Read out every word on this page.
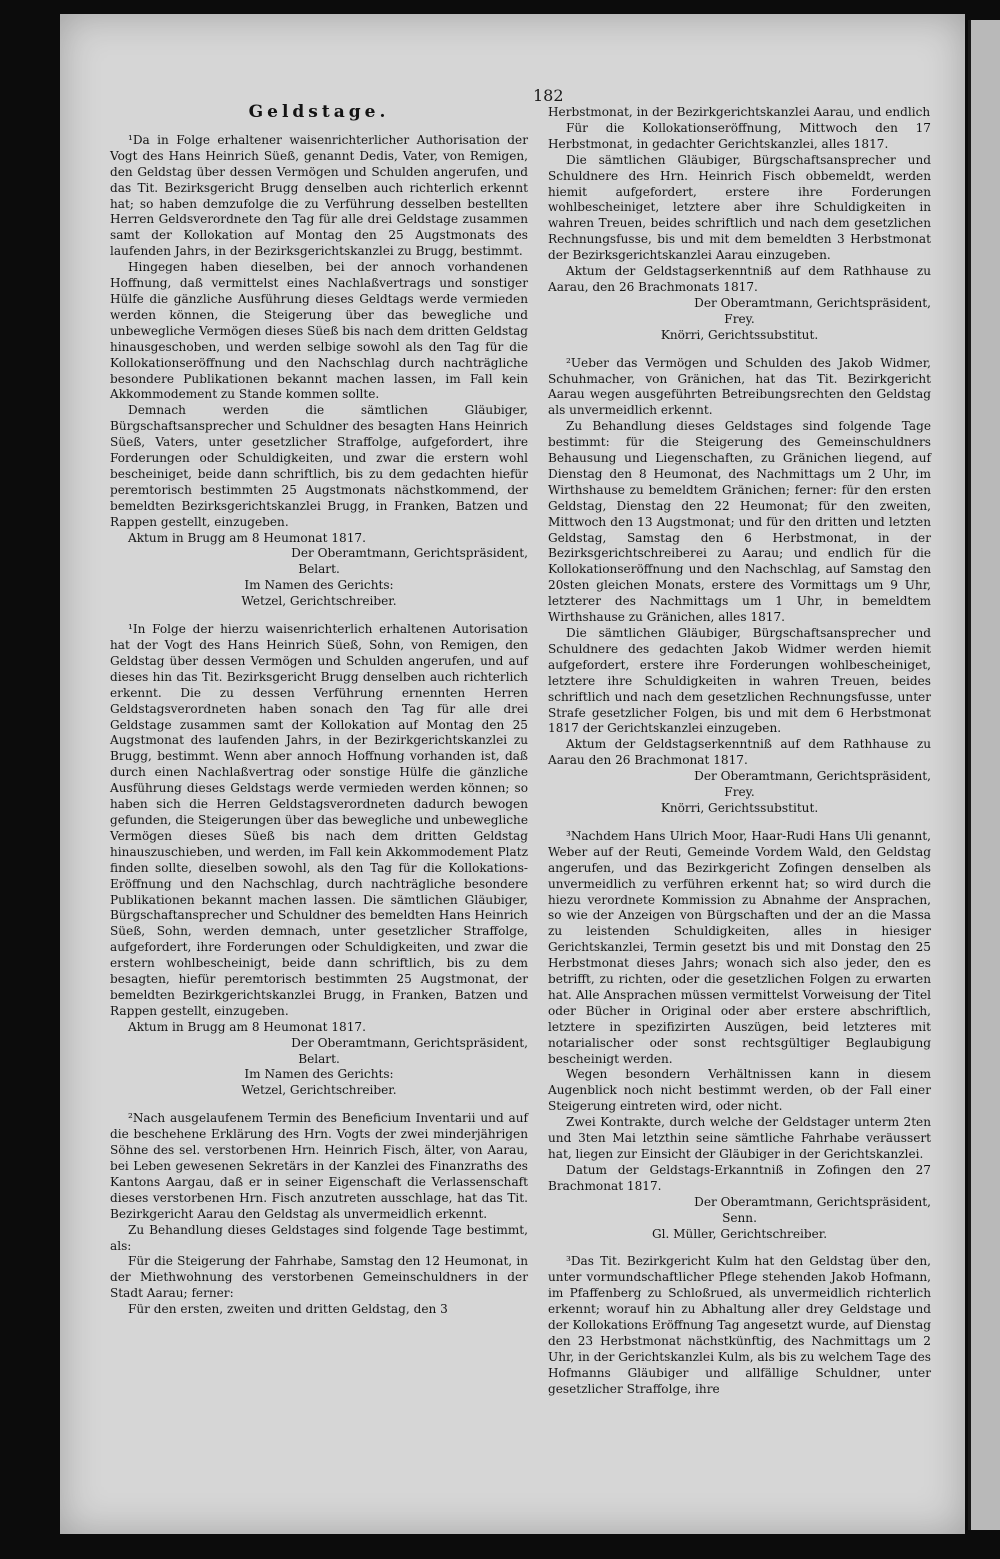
182
Geldstage.

¹Da in Folge erhaltener waisenrichterlicher Authorisation der Vogt des Hans Heinrich Süeß, genannt Dedis, Vater, von Remigen, den Geldstag über dessen Vermögen und Schulden angerufen, und das Tit. Bezirksgericht Brugg denselben auch richterlich erkennt hat; so haben demzufolge die zu Verführung desselben bestellten Herren Geldsverordnete den Tag für alle drei Geldstage zusammen samt der Kollokation auf Montag den 25 Augstmonats des laufenden Jahrs, in der Bezirksgerichtskanzlei zu Brugg, bestimmt.

Hingegen haben dieselben, bei der annoch vorhandenen Hoffnung, daß vermittelst eines Nachlaßvertrags und sonstiger Hülfe die gänzliche Ausführung dieses Geldtags werde vermieden werden können, die Steigerung über das bewegliche und unbewegliche Vermögen dieses Süeß bis nach dem dritten Geldstag hinausgeschoben, und werden selbige sowohl als den Tag für die Kollokationseröffnung und den Nachschlag durch nachträgliche besondere Publikationen bekannt machen lassen, im Fall kein Akkommodement zu Stande kommen sollte.

Demnach werden die sämtlichen Gläubiger, Bürgschaftsansprecher und Schuldner des besagten Hans Heinrich Süeß, Vaters, unter gesetzlicher Straffolge, aufgefordert, ihre Forderungen oder Schuldigkeiten, und zwar die erstern wohl bescheiniget, beide dann schriftlich, bis zu dem gedachten hiefür peremtorisch bestimmten 25 Augstmonats nächstkommend, der bemeldten Bezirksgerichtskanzlei Brugg, in Franken, Batzen und Rappen gestellt, einzugeben.

Aktum in Brugg am 8 Heumonat 1817.

Der Oberamtmann, Gerichtspräsident,

Belart.

Im Namen des Gerichts:

Wetzel, Gerichtschreiber.

¹In Folge der hierzu waisenrichterlich erhaltenen Autorisation hat der Vogt des Hans Heinrich Süeß, Sohn, von Remigen, den Geldstag über dessen Vermögen und Schulden angerufen, und auf dieses hin das Tit. Bezirksgericht Brugg denselben auch richterlich erkennt. Die zu dessen Verführung ernennten Herren Geldstagsverordneten haben sonach den Tag für alle drei Geldstage zusammen samt der Kollokation auf Montag den 25 Augstmonat des laufenden Jahrs, in der Bezirkgerichtskanzlei zu Brugg, bestimmt. Wenn aber annoch Hoffnung vorhanden ist, daß durch einen Nachlaßvertrag oder sonstige Hülfe die gänzliche Ausführung dieses Geldstags werde vermieden werden können; so haben sich die Herren Geldstagsverordneten dadurch bewogen gefunden, die Steigerungen über das bewegliche und unbewegliche Vermögen dieses Süeß bis nach dem dritten Geldstag hinauszuschieben, und werden, im Fall kein Akkommodement Platz finden sollte, dieselben sowohl, als den Tag für die Kollokations-Eröffnung und den Nachschlag, durch nachträgliche besondere Publikationen bekannt machen lassen. Die sämtlichen Gläubiger, Bürgschaftansprecher und Schuldner des bemeldten Hans Heinrich Süeß, Sohn, werden demnach, unter gesetzlicher Straffolge, aufgefordert, ihre Forderungen oder Schuldigkeiten, und zwar die erstern wohlbescheinigt, beide dann schriftlich, bis zu dem besagten, hiefür peremtorisch bestimmten 25 Augstmonat, der bemeldten Bezirkgerichtskanzlei Brugg, in Franken, Batzen und Rappen gestellt, einzugeben.

Aktum in Brugg am 8 Heumonat 1817.

Der Oberamtmann, Gerichtspräsident,

Belart.

Im Namen des Gerichts:

Wetzel, Gerichtschreiber.

²Nach ausgelaufenem Termin des Beneficium Inventarii und auf die beschehene Erklärung des Hrn. Vogts der zwei minderjährigen Söhne des sel. verstorbenen Hrn. Heinrich Fisch, älter, von Aarau, bei Leben gewesenen Sekretärs in der Kanzlei des Finanzraths des Kantons Aargau, daß er in seiner Eigenschaft die Verlassenschaft dieses verstorbenen Hrn. Fisch anzutreten ausschlage, hat das Tit. Bezirkgericht Aarau den Geldstag als unvermeidlich erkennt.

Zu Behandlung dieses Geldstages sind folgende Tage bestimmt, als:

Für die Steigerung der Fahrhabe, Samstag den 12 Heumonat, in der Miethwohnung des verstorbenen Gemeinschuldners in der Stadt Aarau; ferner:

Für den ersten, zweiten und dritten Geldstag, den 3

Herbstmonat, in der Bezirkgerichtskanzlei Aarau, und endlich

Für die Kollokationseröffnung, Mittwoch den 17 Herbstmonat, in gedachter Gerichtskanzlei, alles 1817.

Die sämtlichen Gläubiger, Bürgschaftsansprecher und Schuldnere des Hrn. Heinrich Fisch obbemeldt, werden hiemit aufgefordert, erstere ihre Forderungen wohlbescheiniget, letztere aber ihre Schuldigkeiten in wahren Treuen, beides schriftlich und nach dem gesetzlichen Rechnungsfusse, bis und mit dem bemeldten 3 Herbstmonat der Bezirksgerichtskanzlei Aarau einzugeben.

Aktum der Geldstagserkenntniß auf dem Rathhause zu Aarau, den 26 Brachmonats 1817.

Der Oberamtmann, Gerichtspräsident,

Frey.

Knörri, Gerichtssubstitut.

²Ueber das Vermögen und Schulden des Jakob Widmer, Schuhmacher, von Gränichen, hat das Tit. Bezirkgericht Aarau wegen ausgeführten Betreibungsrechten den Geldstag als unvermeidlich erkennt.

Zu Behandlung dieses Geldstages sind folgende Tage bestimmt: für die Steigerung des Gemeinschuldners Behausung und Liegenschaften, zu Gränichen liegend, auf Dienstag den 8 Heumonat, des Nachmittags um 2 Uhr, im Wirthshause zu bemeldtem Gränichen; ferner: für den ersten Geldstag, Dienstag den 22 Heumonat; für den zweiten, Mittwoch den 13 Augstmonat; und für den dritten und letzten Geldstag, Samstag den 6 Herbstmonat, in der Bezirksgerichtschreiberei zu Aarau; und endlich für die Kollokationseröffnung und den Nachschlag, auf Samstag den 20sten gleichen Monats, erstere des Vormittags um 9 Uhr, letzterer des Nachmittags um 1 Uhr, in bemeldtem Wirthshause zu Gränichen, alles 1817.

Die sämtlichen Gläubiger, Bürgschaftsansprecher und Schuldnere des gedachten Jakob Widmer werden hiemit aufgefordert, erstere ihre Forderungen wohlbescheiniget, letztere ihre Schuldigkeiten in wahren Treuen, beides schriftlich und nach dem gesetzlichen Rechnungsfusse, unter Strafe gesetzlicher Folgen, bis und mit dem 6 Herbstmonat 1817 der Gerichtskanzlei einzugeben.

Aktum der Geldstagserkenntniß auf dem Rathhause zu Aarau den 26 Brachmonat 1817.

Der Oberamtmann, Gerichtspräsident,

Frey.

Knörri, Gerichtssubstitut.

³Nachdem Hans Ulrich Moor, Haar-Rudi Hans Uli genannt, Weber auf der Reuti, Gemeinde Vordem Wald, den Geldstag angerufen, und das Bezirkgericht Zofingen denselben als unvermeidlich zu verführen erkennt hat; so wird durch die hiezu verordnete Kommission zu Abnahme der Ansprachen, so wie der Anzeigen von Bürgschaften und der an die Massa zu leistenden Schuldigkeiten, alles in hiesiger Gerichtskanzlei, Termin gesetzt bis und mit Donstag den 25 Herbstmonat dieses Jahrs; wonach sich also jeder, den es betrifft, zu richten, oder die gesetzlichen Folgen zu erwarten hat. Alle Ansprachen müssen vermittelst Vorweisung der Titel oder Bücher in Original oder aber erstere abschriftlich, letztere in spezifizirten Auszügen, beid letzteres mit notarialischer oder sonst rechtsgültiger Beglaubigung bescheinigt werden.

Wegen besondern Verhältnissen kann in diesem Augenblick noch nicht bestimmt werden, ob der Fall einer Steigerung eintreten wird, oder nicht.

Zwei Kontrakte, durch welche der Geldstager unterm 2ten und 3ten Mai letzthin seine sämtliche Fahrhabe veräussert hat, liegen zur Einsicht der Gläubiger in der Gerichtskanzlei.

Datum der Geldstags-Erkanntniß in Zofingen den 27 Brachmonat 1817.

Der Oberamtmann, Gerichtspräsident,

Senn.

Gl. Müller, Gerichtschreiber.

³Das Tit. Bezirkgericht Kulm hat den Geldstag über den, unter vormundschaftlicher Pflege stehenden Jakob Hofmann, im Pfaffenberg zu Schloßrued, als unvermeidlich richterlich erkennt; worauf hin zu Abhaltung aller drey Geldstage und der Kollokations Eröffnung Tag angesetzt wurde, auf Dienstag den 23 Herbstmonat nächstkünftig, des Nachmittags um 2 Uhr, in der Gerichtskanzlei Kulm, als bis zu welchem Tage des Hofmanns Gläubiger und allfällige Schuldner, unter gesetzlicher Straffolge, ihre
